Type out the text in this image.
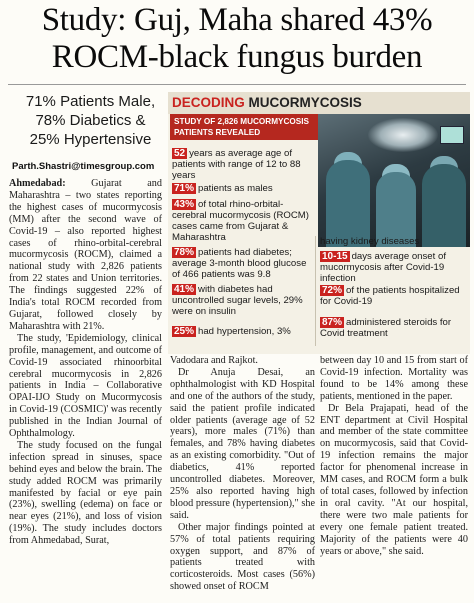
Study: Guj, Maha shared 43%
ROCM-black fungus burden
71% Patients Male,
78% Diabetics &
25% Hypertensive
Parth.Shastri@timesgroup.com

Ahmedabad:	Gujarat and Maharashtra – two states reporting the highest cases of mucormycosis (MM) after the second wave of Covid-19 – also reported highest cases of rhino-orbital-cerebral mucormycosis (ROCM), claimed a national study with 2,826 patients from 22 states and Union territories. The findings suggested 22% of India's total ROCM recorded from Gujarat, followed closely by Maharashtra with 21%.

The study, 'Epidemiology, clinical profile, management, and outcome of Covid-19 associated rhinoorbital cerebral mucormycosis in 2,826 patients in India – Collaborative OPAI-IJO Study on Mucormycosis in Covid-19 (COSMIC)' was recently published in the Indian Journal of Ophthalmology.

The study focused on the fungal infection spread in sinuses, space behind eyes and below the brain. The study added ROCM was primarily manifested by facial or eye pain (23%), swelling (edema) on face or near eyes (21%), and loss of vision (19%). The study includes doctors from Ahmedabad, Surat,

DECODING MUCORMYCOSIS
STUDY OF 2,826 MUCORMYCOSIS PATIENTS REVEALED
52 years as average age of patients with range of 12 to 88 years
71% patients as males
43% of total rhino-orbital-cerebral mucormycosis (ROCM) cases came from Gujarat & Maharashtra
78% patients had diabetes; average 3-month blood glucose of 466 patients was 9.8
41% with diabetes had uncontrolled sugar levels, 29% were on insulin
25% had hypertension, 3%
having kidney diseases
10-15 days average onset of mucormycosis after Covid-19 infection
72% of the patients hospitalized for Covid-19
87% administered steroids for Covid treatment

Vadodara and Rajkot.

Dr Anuja Desai, an ophthalmologist with KD Hospital and one of the authors of the study, said the patient profile indicated older patients (average age of 52 years), more males (71%) than females, and 78% having diabetes as an existing comorbidity. "Out of diabetics, 41% reported uncontrolled diabetes. Moreover, 25% also reported having high blood pressure (hypertension)," she said.

Other major findings pointed at 57% of total patients requiring oxygen support, and 87% of patients treated with corticosteroids. Most cases (56%) showed onset of ROCM

between day 10 and 15 from start of Covid-19 infection. Mortality was found to be 14% among these patients, mentioned in the paper.

Dr Bela Prajapati, head of the ENT department at Civil Hospital and member of the state committee on mucormycosis, said that Covid-19 infection remains the major factor for phenomenal increase in MM cases, and ROCM form a bulk of total cases, followed by infection in oral cavity. "At our hospital, there were two male patients for every one female patient treated. Majority of the patients were 40 years or above," she said.
